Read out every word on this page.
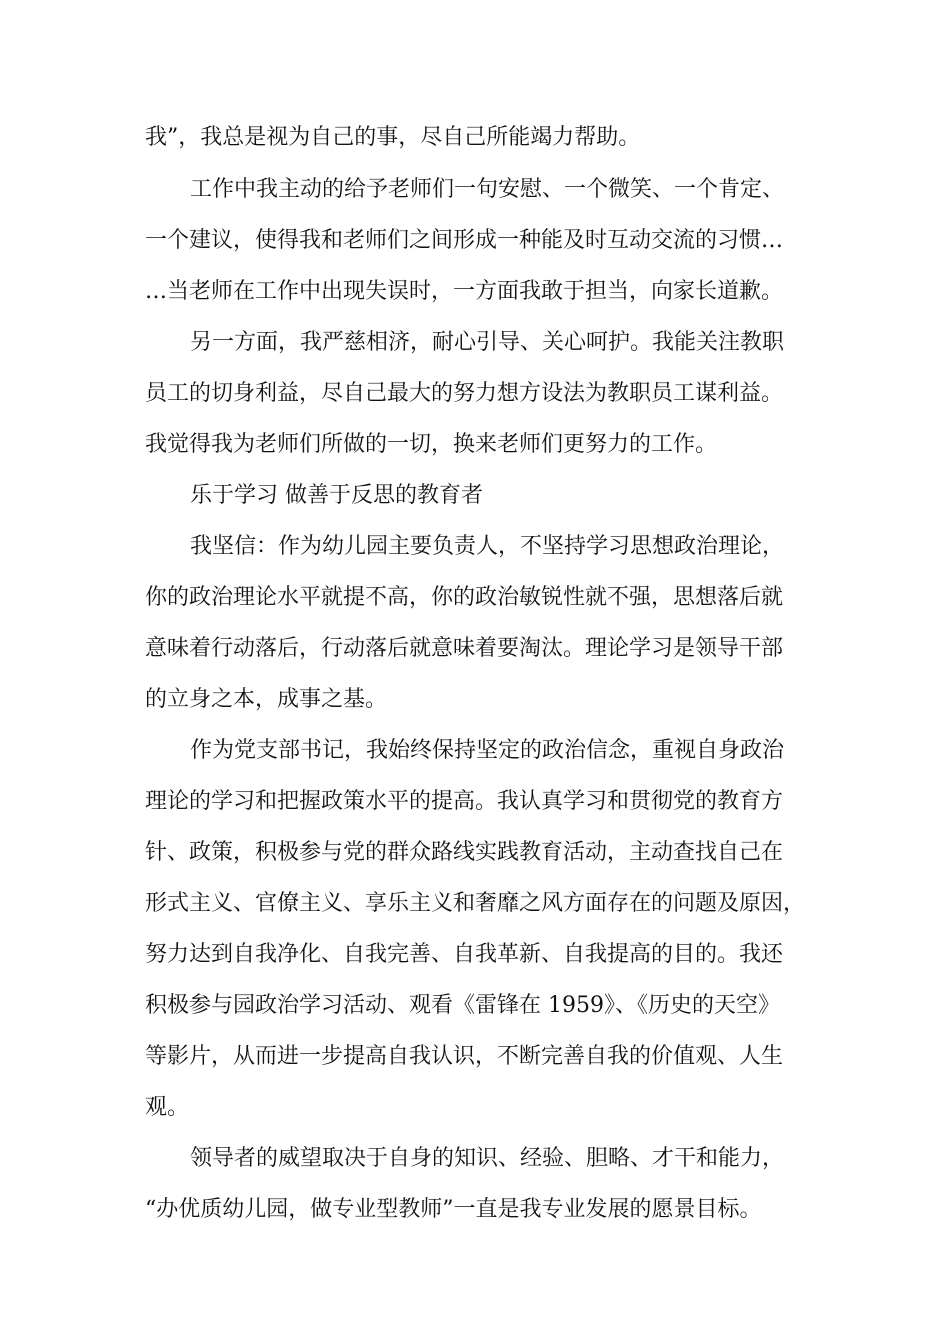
我”，我总是视为自己的事，尽自己所能竭力帮助。
工作中我主动的给予老师们一句安慰、一个微笑、一个肯定、
一个建议，使得我和老师们之间形成一种能及时互动交流的习惯…
…当老师在工作中出现失误时，一方面我敢于担当，向家长道歉。
另一方面，我严慈相济，耐心引导、关心呵护。我能关注教职
员工的切身利益，尽自己最大的努力想方设法为教职员工谋利益。
我觉得我为老师们所做的一切，换来老师们更努力的工作。
乐于学习 做善于反思的教育者
我坚信：作为幼儿园主要负责人，不坚持学习思想政治理论，
你的政治理论水平就提不高，你的政治敏锐性就不强，思想落后就
意味着行动落后，行动落后就意味着要淘汰。理论学习是领导干部
的立身之本，成事之基。
作为党支部书记，我始终保持坚定的政治信念，重视自身政治
理论的学习和把握政策水平的提高。我认真学习和贯彻党的教育方
针、政策，积极参与党的群众路线实践教育活动，主动查找自己在
形式主义、官僚主义、享乐主义和奢靡之风方面存在的问题及原因，
努力达到自我净化、自我完善、自我革新、自我提高的目的。我还
积极参与园政治学习活动、观看《雷锋在 1959》、《历史的天空》
等影片，从而进一步提高自我认识，不断完善自我的价值观、人生
观。
领导者的威望取决于自身的知识、经验、胆略、才干和能力，
“办优质幼儿园，做专业型教师”一直是我专业发展的愿景目标。
